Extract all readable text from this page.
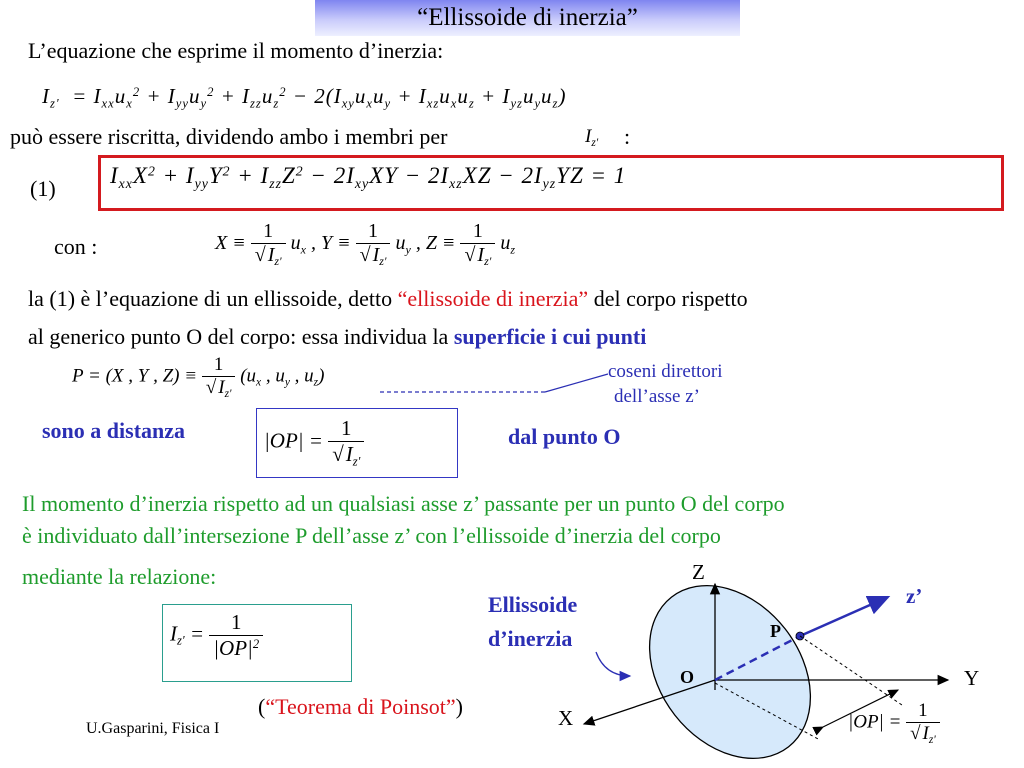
“Ellissoide di inerzia”
L’equazione che esprime il momento d’inerzia:
$I_{z'} = I_{xx}u_x^2 + I_{yy}u_y^2 + I_{zz}u_z^2 - 2(I_{xy}u_xu_y + I_{xz}u_xu_z + I_{yz}u_yu_z)$
può essere riscritta, dividendo ambo i membri per	$I_{z'}$ :
(1)
$I_{xx}X^2 + I_{yy}Y^2 + I_{zz}Z^2 - 2I_{xy}XY - 2I_{xz}XZ - 2I_{yz}YZ = 1$
con :	$X \equiv \frac{1}{√ I_{z'}} u_x$ , $Y \equiv \frac{1}{√ I_{z'}} u_y$ , $Z \equiv \frac{1}{√ I_{z'}} u_z$
la (1) è l’equazione di un ellissoide, detto “ellissoide di inerzia” del corpo rispetto
al generico punto O del corpo: essa individua la superficie i cui punti
P = (X , Y , $Z) \equiv \frac{1}{√ I_{z'}} (u_x$ , $u_y$ , $u_z$)	coseni direttori
dell’asse z’
sono a distanza	$|OP| = \frac{1}{√I_{z'}}$	dal punto O
Il momento d’inerzia rispetto ad un qualsiasi asse z’ passante per un punto O del corpo
è individuato dall’intersezione P dell’asse z’ con l’ellissoide d’inerzia del corpo
mediante la relazione:
$I_{z'} = \frac{1}{|OP|^2}$
(“Teorema di Poinsot”)
U.Gasparini, Fisica I
Ellissoide
d’inerzia
Z
Y
X
z’
P
O
$|OP| = \frac{1}{√ I_{z'}}$
